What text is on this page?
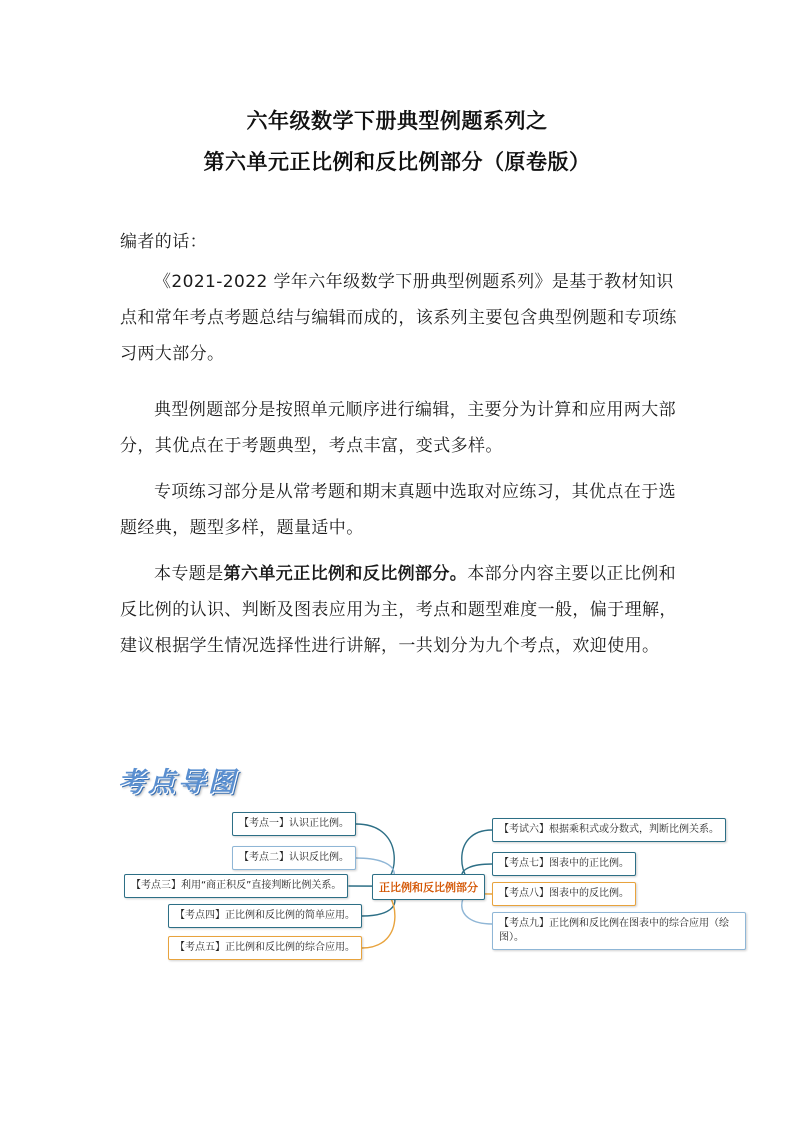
六年级数学下册典型例题系列之
第六单元正比例和反比例部分（原卷版）

编者的话：

《2021-2022 学年六年级数学下册典型例题系列》是基于教材知识点和常年考点考题总结与编辑而成的，该系列主要包含典型例题和专项练习两大部分。

典型例题部分是按照单元顺序进行编辑，主要分为计算和应用两大部分，其优点在于考题典型，考点丰富，变式多样。

专项练习部分是从常考题和期末真题中选取对应练习，其优点在于选题经典，题型多样，题量适中。

本专题是第六单元正比例和反比例部分。本部分内容主要以正比例和反比例的认识、判断及图表应用为主，考点和题型难度一般，偏于理解，建议根据学生情况选择性进行讲解，一共划分为九个考点，欢迎使用。

考点导图
正比例和反比例部分
【考点一】认识正比例。
【考点二】认识反比例。
【考点三】利用“商正积反”直接判断比例关系。
【考点四】正比例和反比例的简单应用。
【考点五】正比例和反比例的综合应用。
【考试六】根据乘积式或分数式，判断比例关系。
【考点七】图表中的正比例。
【考点八】图表中的反比例。
【考点九】正比例和反比例在图表中的综合应用（绘图）。
